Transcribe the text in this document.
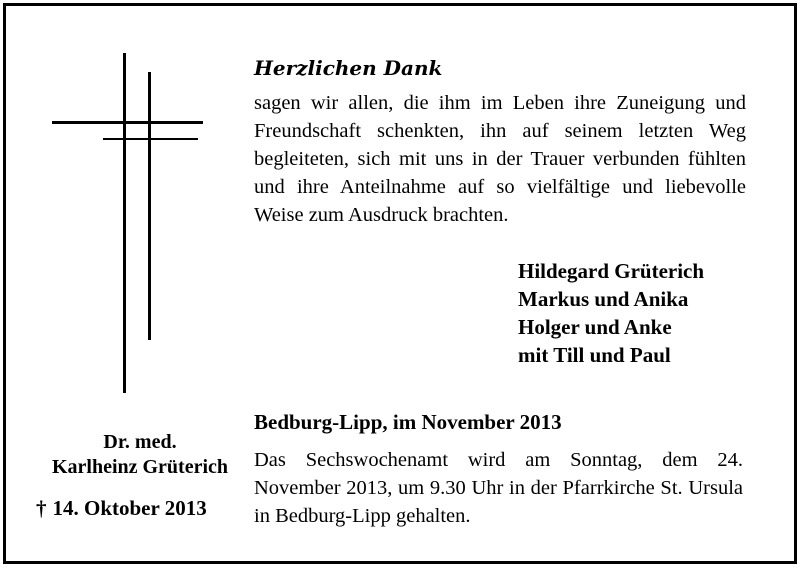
Herzlichen Dank
sagen wir allen, die ihm im Leben ihre Zuneigung und Freundschaft schenkten, ihn auf seinem letzten Weg begleiteten, sich mit uns in der Trauer verbunden fühlten und ihre Anteilnahme auf so vielfältige und liebevolle Weise zum Ausdruck brachten.
Hildegard Grüterich
Markus und Anika
Holger und Anke
mit Till und Paul
Bedburg-Lipp, im November 2013
Das Sechswochenamt wird am Sonntag, dem 24. November 2013, um 9.30 Uhr in der Pfarrkirche St. Ursula in Bedburg-Lipp gehalten.
Dr. med.
Karlheinz Grüterich
† 14. Oktober 2013
